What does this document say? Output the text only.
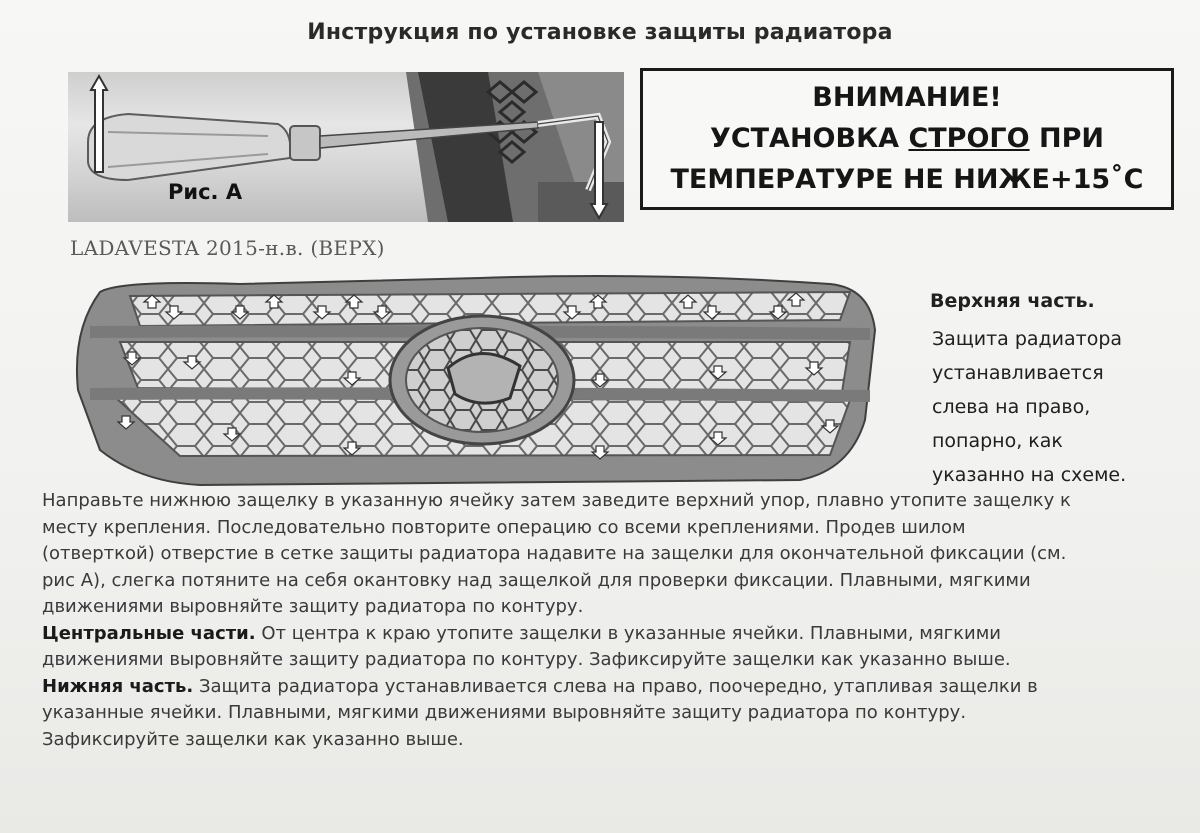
Инструкция по установке защиты радиатора
Рис. А
ВНИМАНИЕ!
УСТАНОВКА СТРОГО ПРИ
ТЕМПЕРАТУРЕ НЕ НИЖЕ+15˚С
LADAVESTA 2015-н.в. (ВЕРХ)
Верхняя часть.
Защита радиатора
устанавливается
слева на право,
попарно, как
указанно на схеме.

Направьте нижнюю защелку в указанную ячейку затем заведите верхний упор, плавно утопите защелку к

месту крепления. Последовательно повторите операцию со всеми креплениями. Продев шилом

(отверткой) отверстие в сетке защиты радиатора надавите на защелки для окончательной фиксации (см.

рис А), слегка потяните на себя окантовку над защелкой для проверки фиксации. Плавными, мягкими

движениями выровняйте защиту радиатора по контуру.

Центральные части. От центра к краю утопите защелки в указанные ячейки. Плавными, мягкими

движениями выровняйте защиту радиатора по контуру. Зафиксируйте защелки как указанно выше.

Нижняя часть. Защита радиатора устанавливается слева на право, поочередно, утапливая защелки в

указанные ячейки. Плавными, мягкими движениями выровняйте защиту радиатора по контуру.

Зафиксируйте защелки как указанно выше.
